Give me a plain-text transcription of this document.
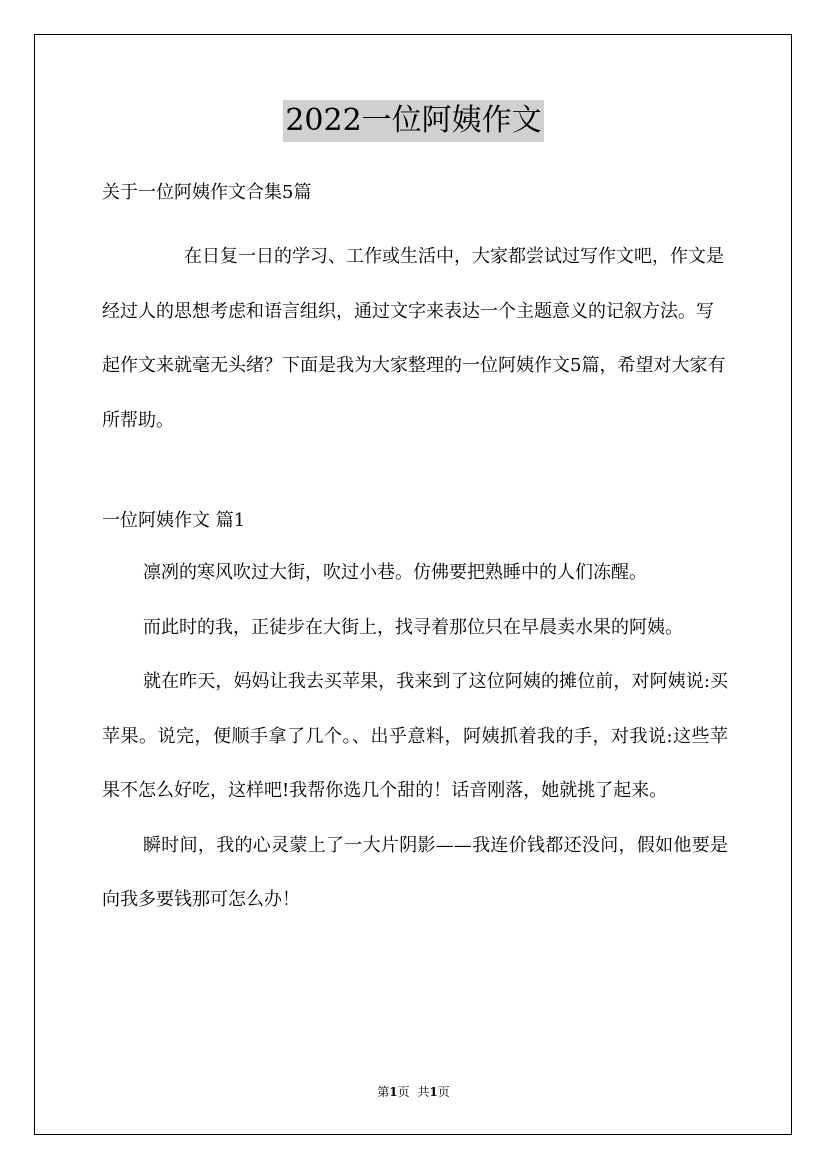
2022一位阿姨作文
关于一位阿姨作文合集5篇
在日复一日的学习、工作或生活中，大家都尝试过写作文吧，作文是经过人的思想考虑和语言组织，通过文字来表达一个主题意义的记叙方法。写起作文来就毫无头绪？下面是我为大家整理的一位阿姨作文5篇，希望对大家有所帮助。
一位阿姨作文 篇1

凛冽的寒风吹过大街，吹过小巷。仿佛要把熟睡中的人们冻醒。

而此时的我，正徒步在大街上，找寻着那位只在早晨卖水果的阿姨。

就在昨天，妈妈让我去买苹果，我来到了这位阿姨的摊位前，对阿姨说:买苹果。说完，便顺手拿了几个。、出乎意料，阿姨抓着我的手，对我说:这些苹果不怎么好吃，这样吧!我帮你选几个甜的！话音刚落，她就挑了起来。

瞬时间，我的心灵蒙上了一大片阴影——我连价钱都还没问，假如他要是向我多要钱那可怎么办！

第1页 共1页
